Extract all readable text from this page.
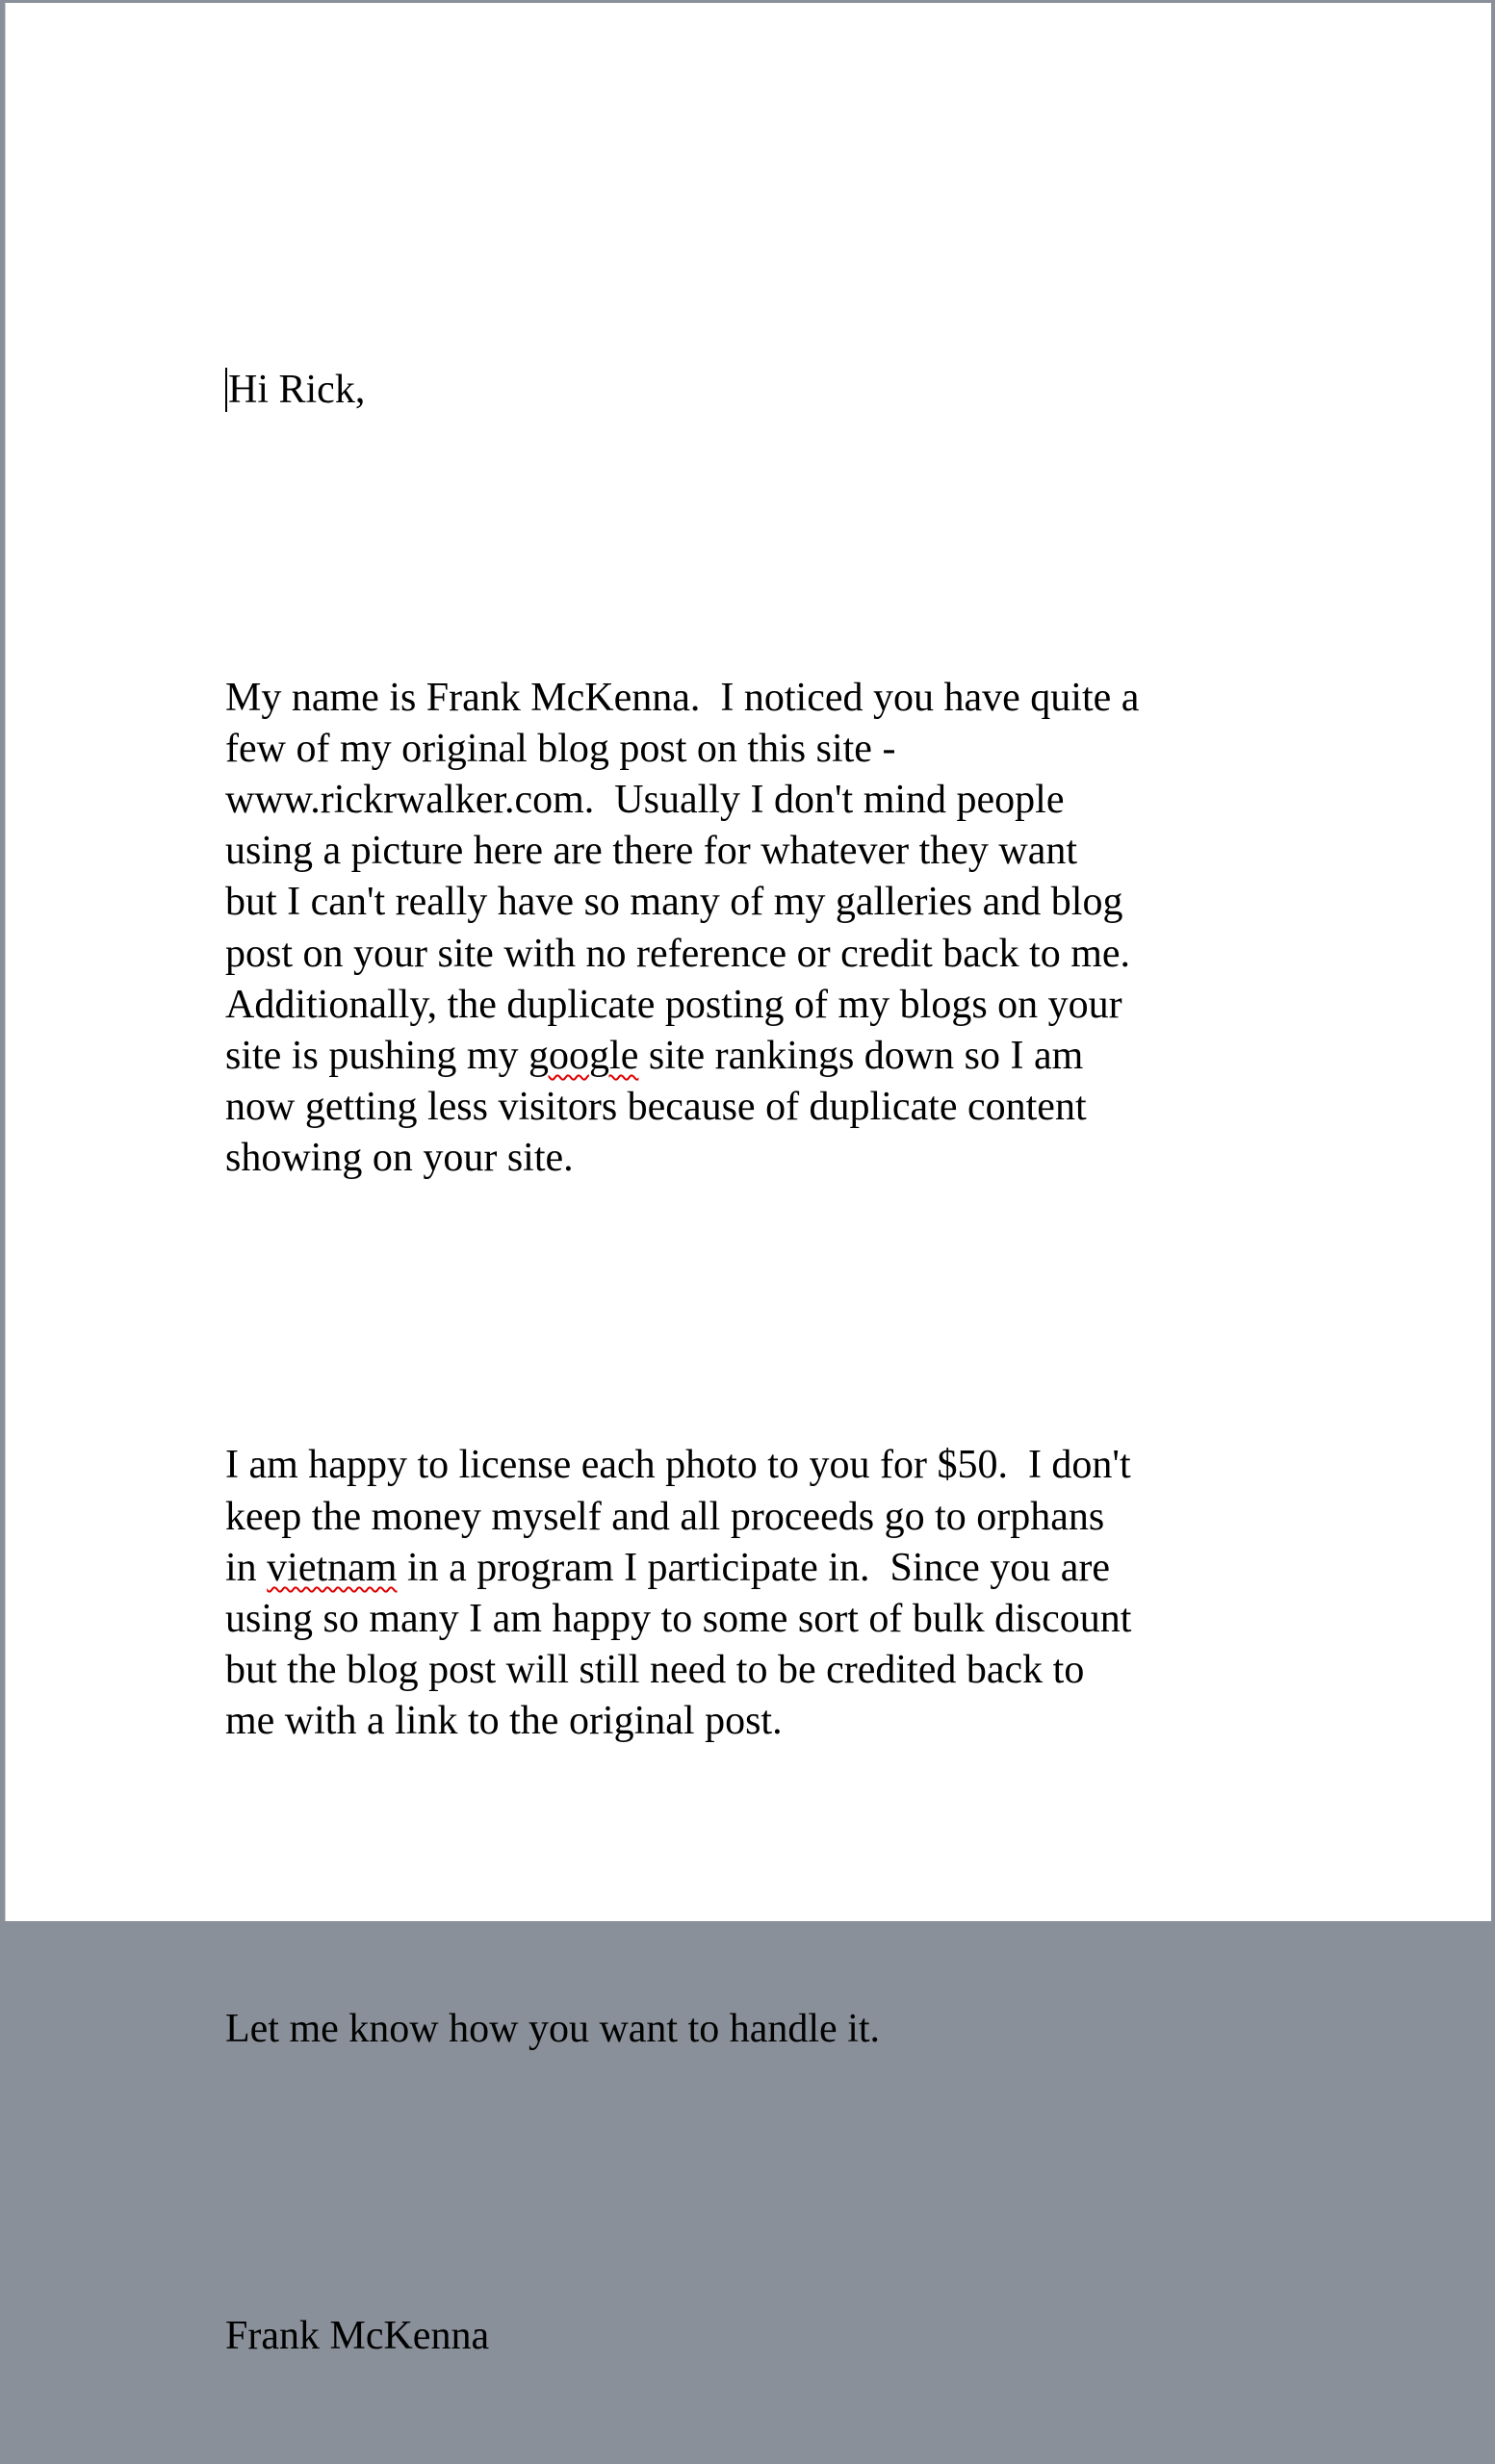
Hi Rick,

My name is Frank McKenna.  I noticed you have quite a
few of my original blog post on this site -
www.rickrwalker.com.  Usually I don't mind people
using a picture here are there for whatever they want
but I can't really have so many of my galleries and blog
post on your site with no reference or credit back to me.
Additionally, the duplicate posting of my blogs on your
site is pushing my google site rankings down so I am
now getting less visitors because of duplicate content
showing on your site.

I am happy to license each photo to you for $50.  I don't
keep the money myself and all proceeds go to orphans
in vietnam in a program I participate in.  Since you are
using so many I am happy to some sort of bulk discount
but the blog post will still need to be credited back to
me with a link to the original post.

Let me know how you want to handle it.

Frank McKenna
